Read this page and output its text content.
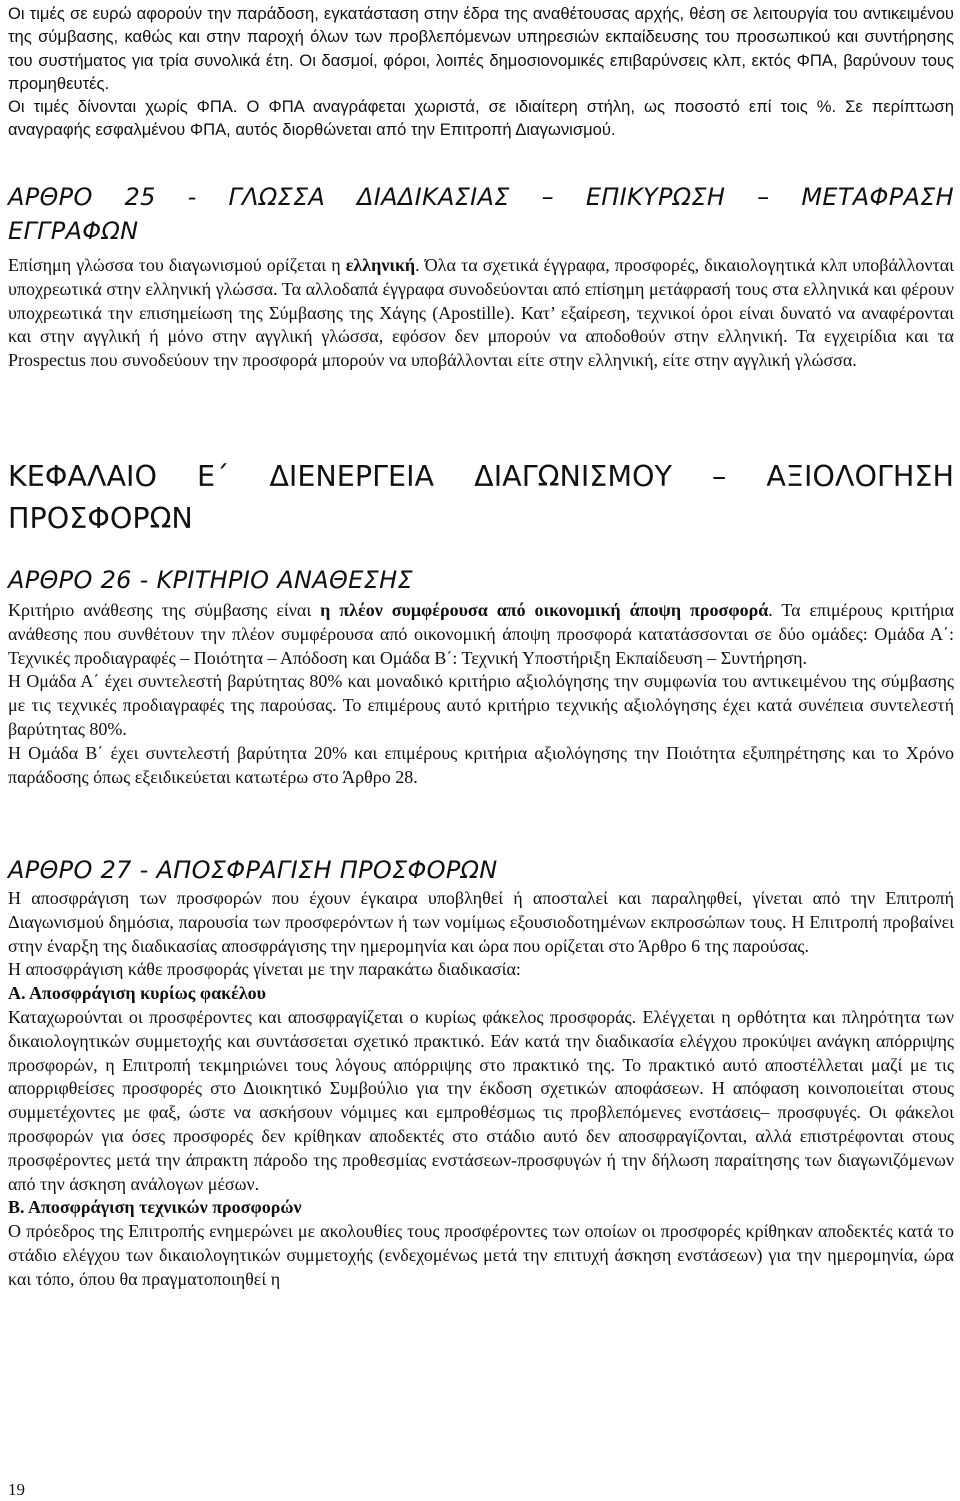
Οι τιμές σε ευρώ αφορούν την παράδοση, εγκατάσταση στην έδρα της αναθέτουσας αρχής, θέση σε λειτουργία του αντικειμένου της σύμβασης, καθώς και στην παροχή όλων των προβλεπόμενων υπηρεσιών εκπαίδευσης του προσωπικού και συντήρησης του συστήματος για τρία συνολικά έτη. Οι δασμοί, φόροι, λοιπές δημοσιονομικές επιβαρύνσεις κλπ, εκτός ΦΠΑ, βαρύνουν τους προμηθευτές.

Οι τιμές δίνονται χωρίς ΦΠΑ. Ο ΦΠΑ αναγράφεται χωριστά, σε ιδιαίτερη στήλη, ως ποσοστό επί τοις %. Σε περίπτωση αναγραφής εσφαλμένου ΦΠΑ, αυτός διορθώνεται από την Επιτροπή Διαγωνισμού.

ΑΡΘΡΟ 25 - ΓΛΩΣΣΑ ΔΙΑΔΙΚΑΣΙΑΣ – ΕΠΙΚΥΡΩΣΗ – ΜΕΤΑΦΡΑΣΗ ΕΓΓΡΑΦΩΝ

Επίσημη γλώσσα του διαγωνισμού ορίζεται η ελληνική. Όλα τα σχετικά έγγραφα, προσφορές, δικαιολογητικά κλπ υποβάλλονται υποχρεωτικά στην ελληνική γλώσσα. Τα αλλοδαπά έγγραφα συνοδεύονται από επίσημη μετάφρασή τους στα ελληνικά και φέρουν υποχρεωτικά την επισημείωση της Σύμβασης της Χάγης (Apostille). Κατ’ εξαίρεση, τεχνικοί όροι είναι δυνατό να αναφέρονται και στην αγγλική ή μόνο στην αγγλική γλώσσα, εφόσον δεν μπορούν να αποδοθούν στην ελληνική. Τα εγχειρίδια και τα Prospectus που συνοδεύουν την προσφορά μπορούν να υποβάλλονται είτε στην ελληνική, είτε στην αγγλική γλώσσα.

ΚΕΦΑΛΑΙΟ Ε΄ ΔΙΕΝΕΡΓΕΙΑ ΔΙΑΓΩΝΙΣΜΟΥ – ΑΞΙΟΛΟΓΗΣΗ ΠΡΟΣΦΟΡΩΝ
ΑΡΘΡΟ 26 - ΚΡΙΤΗΡΙΟ ΑΝΑΘΕΣΗΣ

Κριτήριο ανάθεσης της σύμβασης είναι η πλέον συμφέρουσα από οικονομική άποψη προσφορά. Τα επιμέρους κριτήρια ανάθεσης που συνθέτουν την πλέον συμφέρουσα από οικονομική άποψη προσφορά κατατάσσονται σε δύο ομάδες: Ομάδα Α΄: Τεχνικές προδιαγραφές – Ποιότητα – Απόδοση και Ομάδα Β΄: Τεχνική Υποστήριξη Εκπαίδευση – Συντήρηση.

Η Ομάδα Α΄ έχει συντελεστή βαρύτητας 80% και μοναδικό κριτήριο αξιολόγησης την συμφωνία του αντικειμένου της σύμβασης με τις τεχνικές προδιαγραφές της παρούσας. Το επιμέρους αυτό κριτήριο τεχνικής αξιολόγησης έχει κατά συνέπεια συντελεστή βαρύτητας 80%.

Η Ομάδα Β΄ έχει συντελεστή βαρύτητα 20% και επιμέρους κριτήρια αξιολόγησης την Ποιότητα εξυπηρέτησης και το Χρόνο παράδοσης όπως εξειδικεύεται κατωτέρω στο Άρθρο 28.

ΑΡΘΡΟ 27 - ΑΠΟΣΦΡΑΓΙΣΗ ΠΡΟΣΦΟΡΩΝ

Η αποσφράγιση των προσφορών που έχουν έγκαιρα υποβληθεί ή αποσταλεί και παραληφθεί, γίνεται από την Επιτροπή Διαγωνισμού δημόσια, παρουσία των προσφερόντων ή των νομίμως εξουσιοδοτημένων εκπροσώπων τους. Η Επιτροπή προβαίνει στην έναρξη της διαδικασίας αποσφράγισης την ημερομηνία και ώρα που ορίζεται στο Άρθρο 6 της παρούσας.

Η αποσφράγιση κάθε προσφοράς γίνεται με την παρακάτω διαδικασία:

Α. Αποσφράγιση κυρίως φακέλου

Καταχωρούνται οι προσφέροντες και αποσφραγίζεται ο κυρίως φάκελος προσφοράς. Ελέγχεται η ορθότητα και πληρότητα των δικαιολογητικών συμμετοχής και συντάσσεται σχετικό πρακτικό. Εάν κατά την διαδικασία ελέγχου προκύψει ανάγκη απόρριψης προσφορών, η Επιτροπή τεκμηριώνει τους λόγους απόρριψης στο πρακτικό της. Το πρακτικό αυτό αποστέλλεται μαζί με τις απορριφθείσες προσφορές στο Διοικητικό Συμβούλιο για την έκδοση σχετικών αποφάσεων. Η απόφαση κοινοποιείται στους συμμετέχοντες με φαξ, ώστε να ασκήσουν νόμιμες και εμπροθέσμως τις προβλεπόμενες ενστάσεις– προσφυγές. Οι φάκελοι προσφορών για όσες προσφορές δεν κρίθηκαν αποδεκτές στο στάδιο αυτό δεν αποσφραγίζονται, αλλά επιστρέφονται στους προσφέροντες μετά την άπρακτη πάροδο της προθεσμίας ενστάσεων-προσφυγών ή την δήλωση παραίτησης των διαγωνιζόμενων από την άσκηση ανάλογων μέσων.

Β. Αποσφράγιση τεχνικών προσφορών

Ο πρόεδρος της Επιτροπής ενημερώνει με ακολουθίες τους προσφέροντες των οποίων οι προσφορές κρίθηκαν αποδεκτές κατά το στάδιο ελέγχου των δικαιολογητικών συμμετοχής (ενδεχομένως μετά την επιτυχή άσκηση ενστάσεων) για την ημερομηνία, ώρα και τόπο, όπου θα πραγματοποιηθεί η

19
